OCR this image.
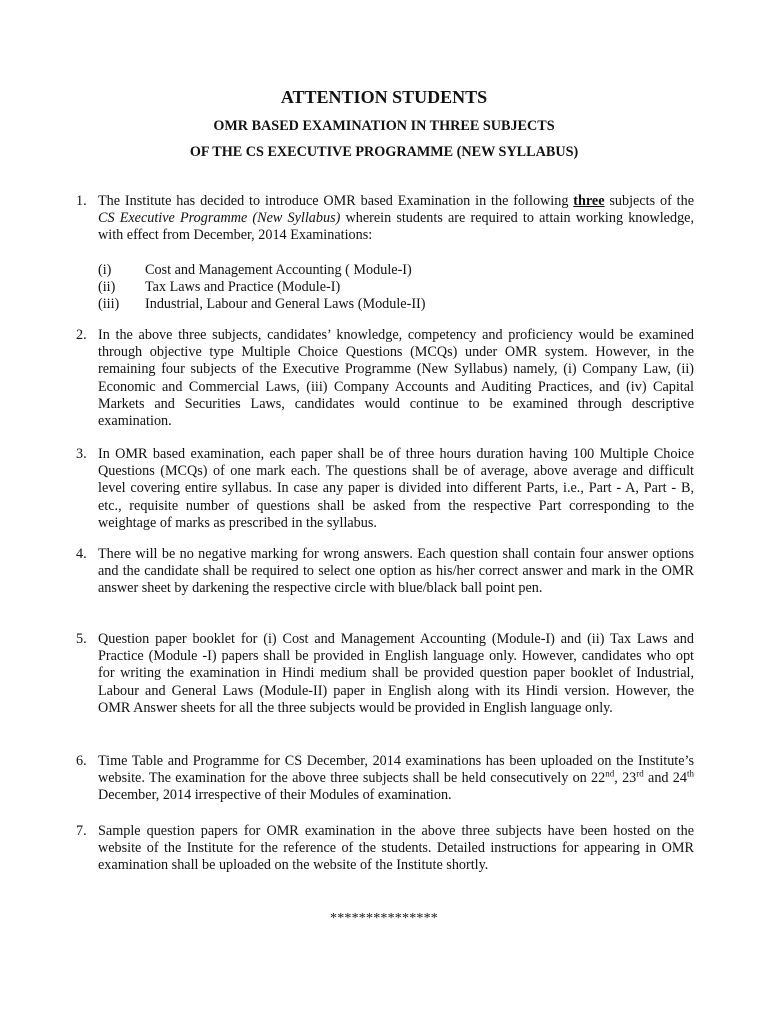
ATTENTION STUDENTS
OMR BASED EXAMINATION IN THREE SUBJECTS
OF THE CS EXECUTIVE PROGRAMME (NEW SYLLABUS)
1. The Institute has decided to introduce OMR based Examination in the following three subjects of the CS Executive Programme (New Syllabus) wherein students are required to attain working knowledge, with effect from December, 2014 Examinations:
(i)	Cost and Management Accounting ( Module-I)
(ii)	Tax Laws and Practice (Module-I)
(iii)	Industrial, Labour and General Laws (Module-II)
2. In the above three subjects, candidates’ knowledge, competency and proficiency would be examined through objective type Multiple Choice Questions (MCQs) under OMR system. However, in the remaining four subjects of the Executive Programme (New Syllabus) namely, (i) Company Law, (ii) Economic and Commercial Laws, (iii) Company Accounts and Auditing Practices, and (iv) Capital Markets and Securities Laws, candidates would continue to be examined through descriptive examination.
3. In OMR based examination, each paper shall be of three hours duration having 100 Multiple Choice Questions (MCQs) of one mark each. The questions shall be of average, above average and difficult level covering entire syllabus. In case any paper is divided into different Parts, i.e., Part - A, Part - B, etc., requisite number of questions shall be asked from the respective Part corresponding to the weightage of marks as prescribed in the syllabus.
4. There will be no negative marking for wrong answers. Each question shall contain four answer options and the candidate shall be required to select one option as his/her correct answer and mark in the OMR answer sheet by darkening the respective circle with blue/black ball point pen.
5. Question paper booklet for (i) Cost and Management Accounting (Module-I) and (ii) Tax Laws and Practice (Module -I) papers shall be provided in English language only. However, candidates who opt for writing the examination in Hindi medium shall be provided question paper booklet of Industrial, Labour and General Laws (Module-II) paper in English along with its Hindi version. However, the OMR Answer sheets for all the three subjects would be provided in English language only.
6. Time Table and Programme for CS December, 2014 examinations has been uploaded on the Institute’s website. The examination for the above three subjects shall be held consecutively on 22nd, 23rd and 24th December, 2014 irrespective of their Modules of examination.
7. Sample question papers for OMR examination in the above three subjects have been hosted on the website of the Institute for the reference of the students. Detailed instructions for appearing in OMR examination shall be uploaded on the website of the Institute shortly.
***************
